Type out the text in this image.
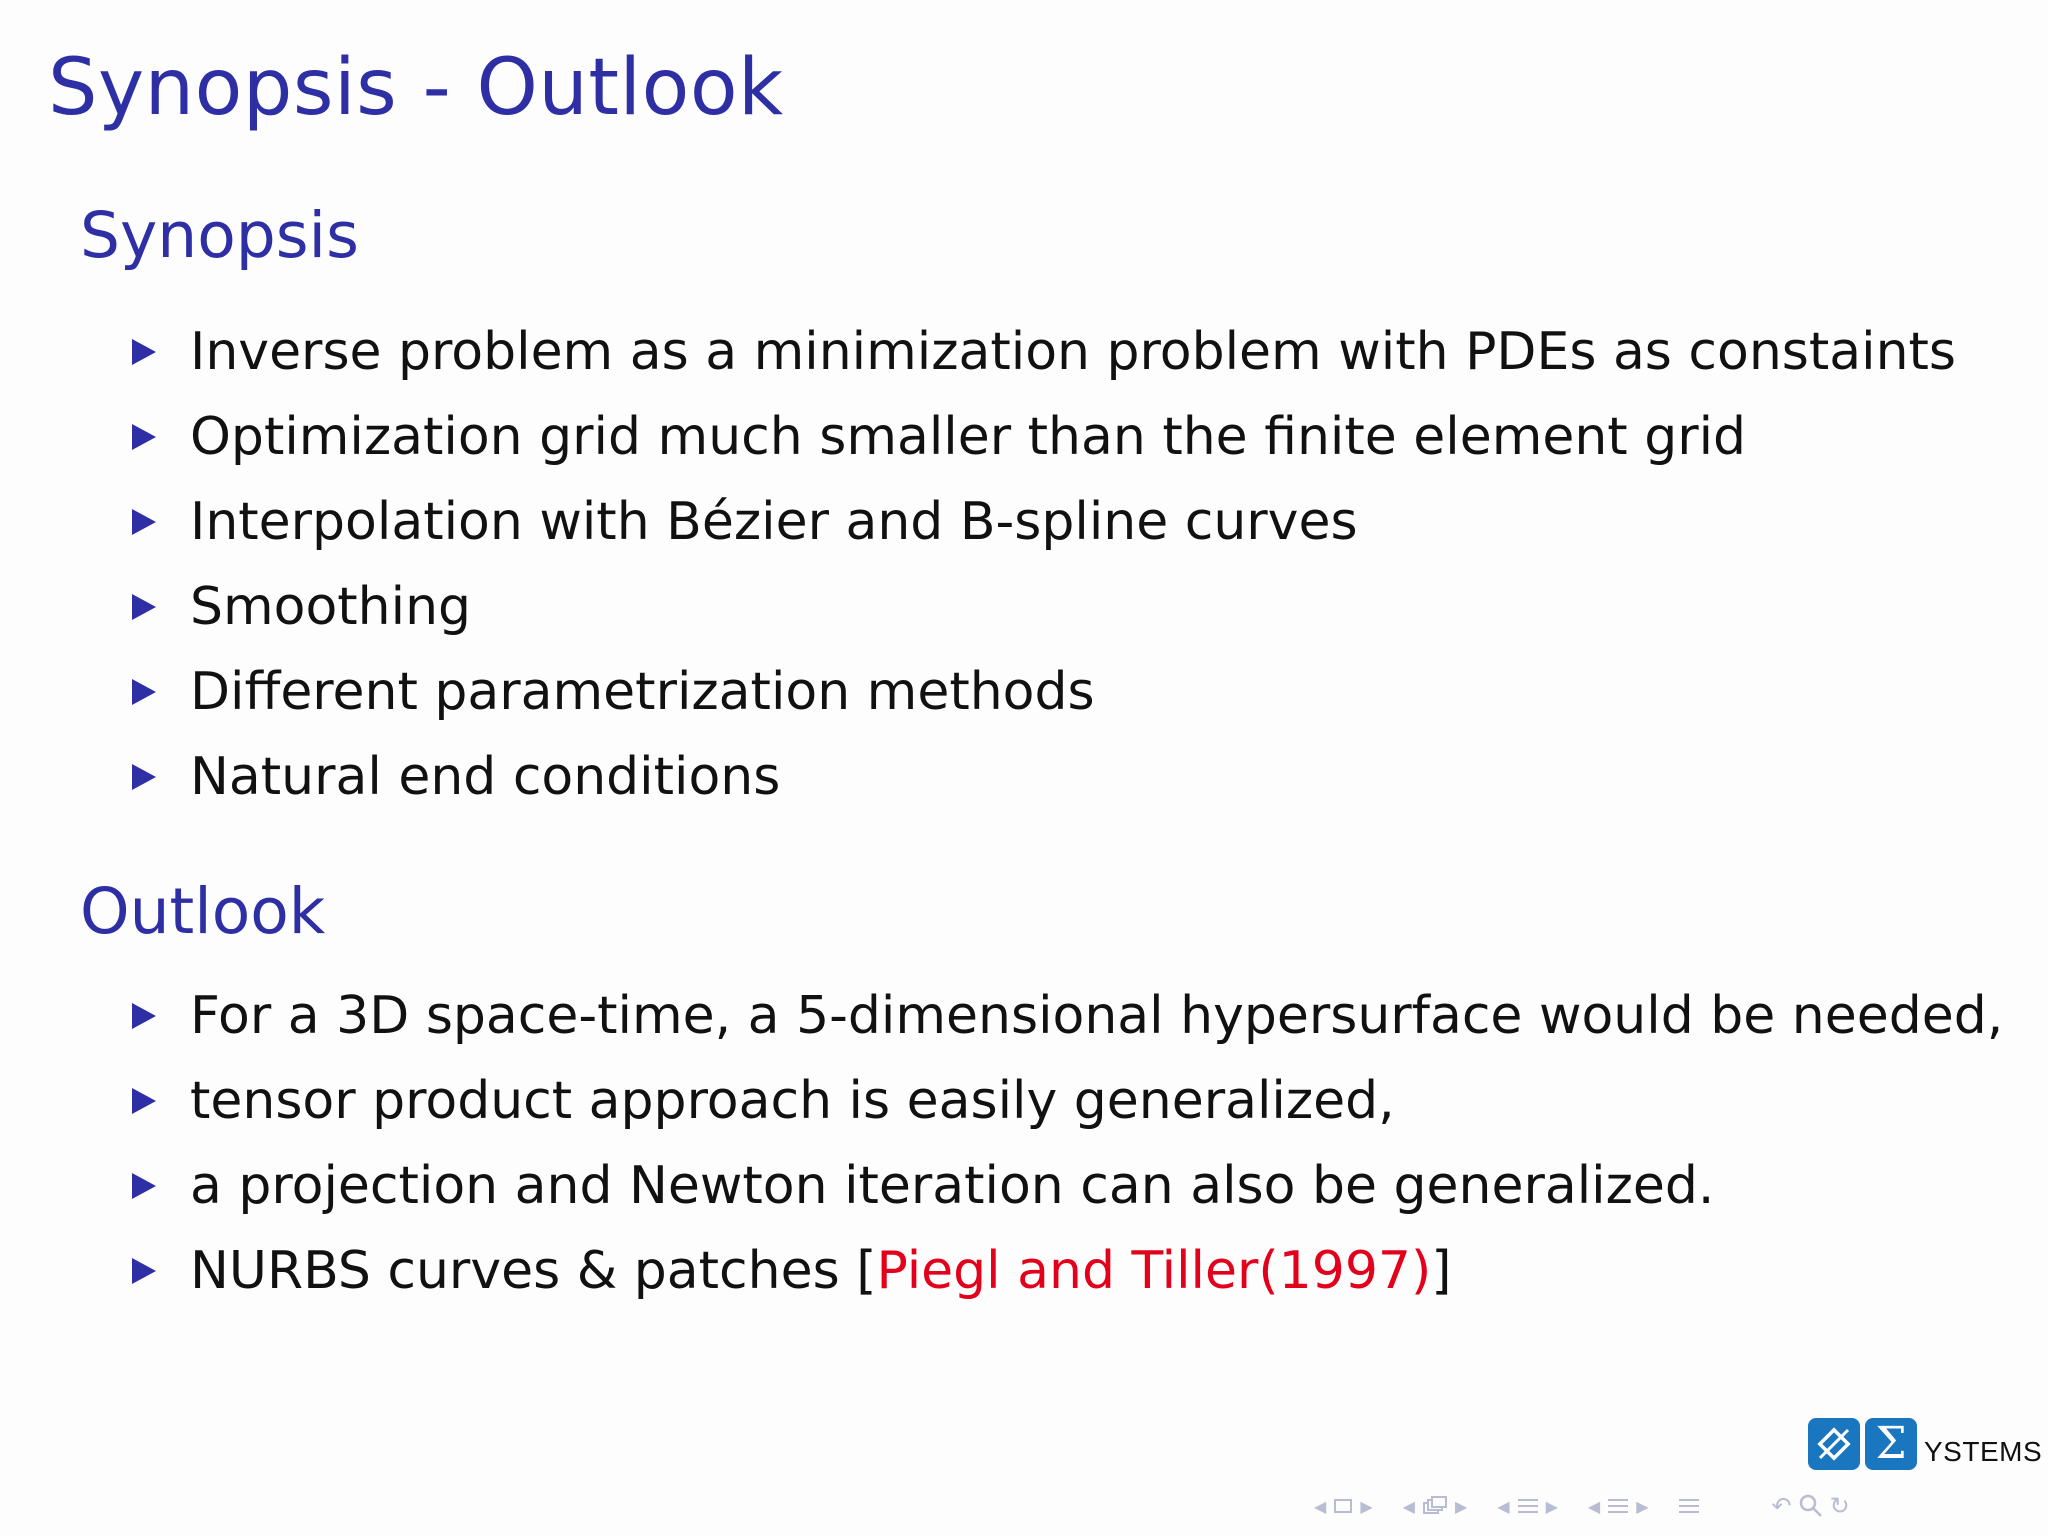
Synopsis - Outlook
Synopsis
Inverse problem as a minimization problem with PDEs as constaints
Optimization grid much smaller than the finite element grid
Interpolation with Bézier and B-spline curves
Smoothing
Different parametrization methods
Natural end conditions
Outlook
For a 3D space-time, a 5-dimensional hypersurface would be needed,
tensor product approach is easily generalized,
a projection and Newton iteration can also be generalized.
NURBS curves & patches [Piegl and Tiller(1997)]
Σ YSTEMS
◀ ▶ ◀	▶ ◀ ▶ ◀ ▶	↶ ↻
